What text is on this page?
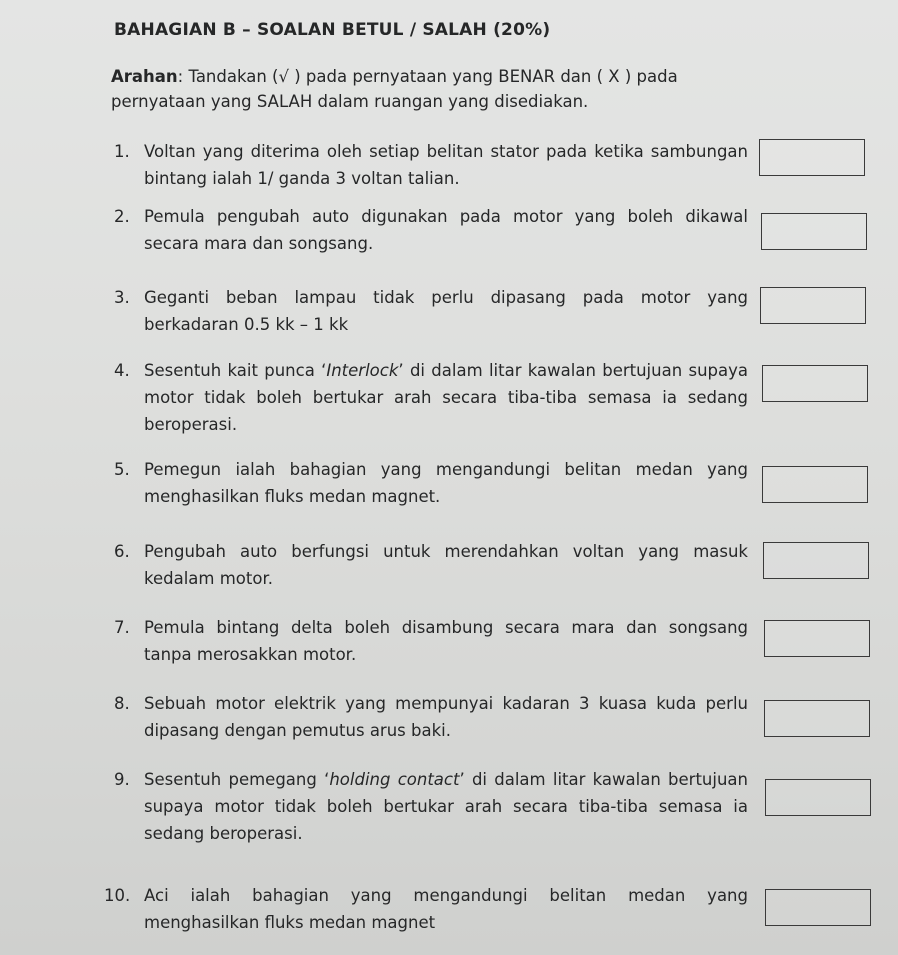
BAHAGIAN B – SOALAN BETUL / SALAH (20%)
Arahan: Tandakan (√ ) pada pernyataan yang BENAR dan ( X ) pada pernyataan yang SALAH dalam ruangan yang disediakan.
1. Voltan yang diterima oleh setiap belitan stator pada ketika sambungan bintang ialah 1/ ganda 3 voltan talian.
2. Pemula pengubah auto digunakan pada motor yang boleh dikawal secara mara dan songsang.
3. Geganti beban lampau tidak perlu dipasang pada motor yang berkadaran 0.5 kk – 1 kk
4. Sesentuh kait punca ‘Interlock’ di dalam litar kawalan bertujuan supaya motor tidak boleh bertukar arah secara tiba-tiba semasa ia sedang beroperasi.
5. Pemegun ialah bahagian yang mengandungi belitan medan yang menghasilkan fluks medan magnet.
6. Pengubah auto berfungsi untuk merendahkan voltan yang masuk kedalam motor.
7. Pemula bintang delta boleh disambung secara mara dan songsang tanpa merosakkan motor.
8. Sebuah motor elektrik yang mempunyai kadaran 3 kuasa kuda perlu dipasang dengan pemutus arus baki.
9. Sesentuh pemegang ‘holding contact’ di dalam litar kawalan bertujuan supaya motor tidak boleh bertukar arah secara tiba-tiba semasa ia sedang beroperasi.
10. Aci ialah bahagian yang mengandungi belitan medan yang menghasilkan fluks medan magnet
